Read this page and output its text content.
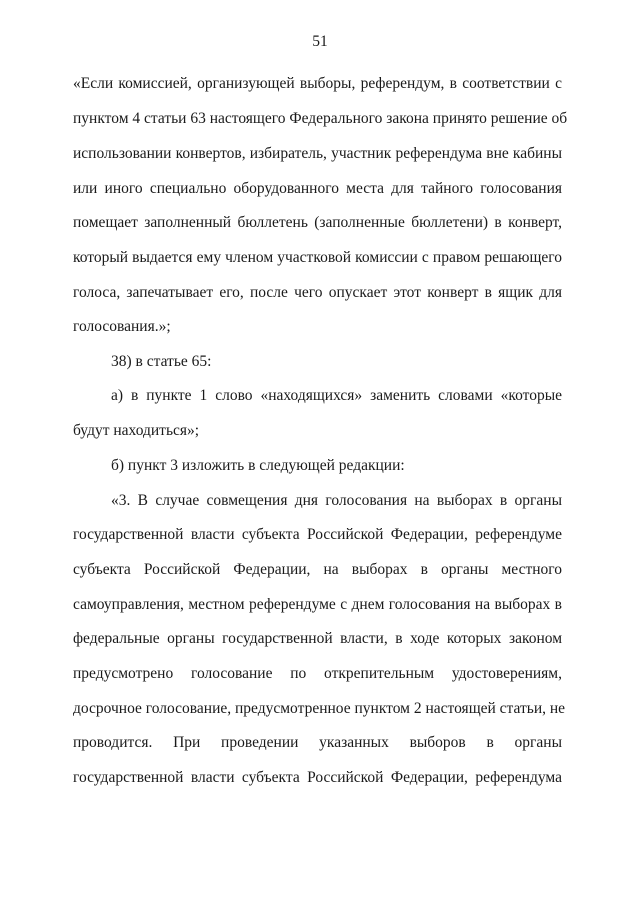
51
«Если комиссией, организующей выборы, референдум, в соответствии с
пунктом 4 статьи 63 настоящего Федерального закона принято решение об
использовании конвертов, избиратель, участник референдума вне кабины
или иного специально оборудованного места для тайного голосования
помещает заполненный бюллетень (заполненные бюллетени) в конверт,
который выдается ему членом участковой комиссии с правом решающего
голоса, запечатывает его, после чего опускает этот конверт в ящик для
голосования.»;
38) в статье 65:
а) в пункте 1 слово «находящихся» заменить словами «которые
будут находиться»;
б) пункт 3 изложить в следующей редакции:
«3. В случае совмещения дня голосования на выборах в органы
государственной власти субъекта Российской Федерации, референдуме
субъекта Российской Федерации, на выборах в органы местного
самоуправления, местном референдуме с днем голосования на выборах в
федеральные органы государственной власти, в ходе которых законом
предусмотрено голосование по открепительным удостоверениям,
досрочное голосование, предусмотренное пунктом 2 настоящей статьи, не
проводится. При проведении указанных выборов в органы
государственной власти субъекта Российской Федерации, референдума
